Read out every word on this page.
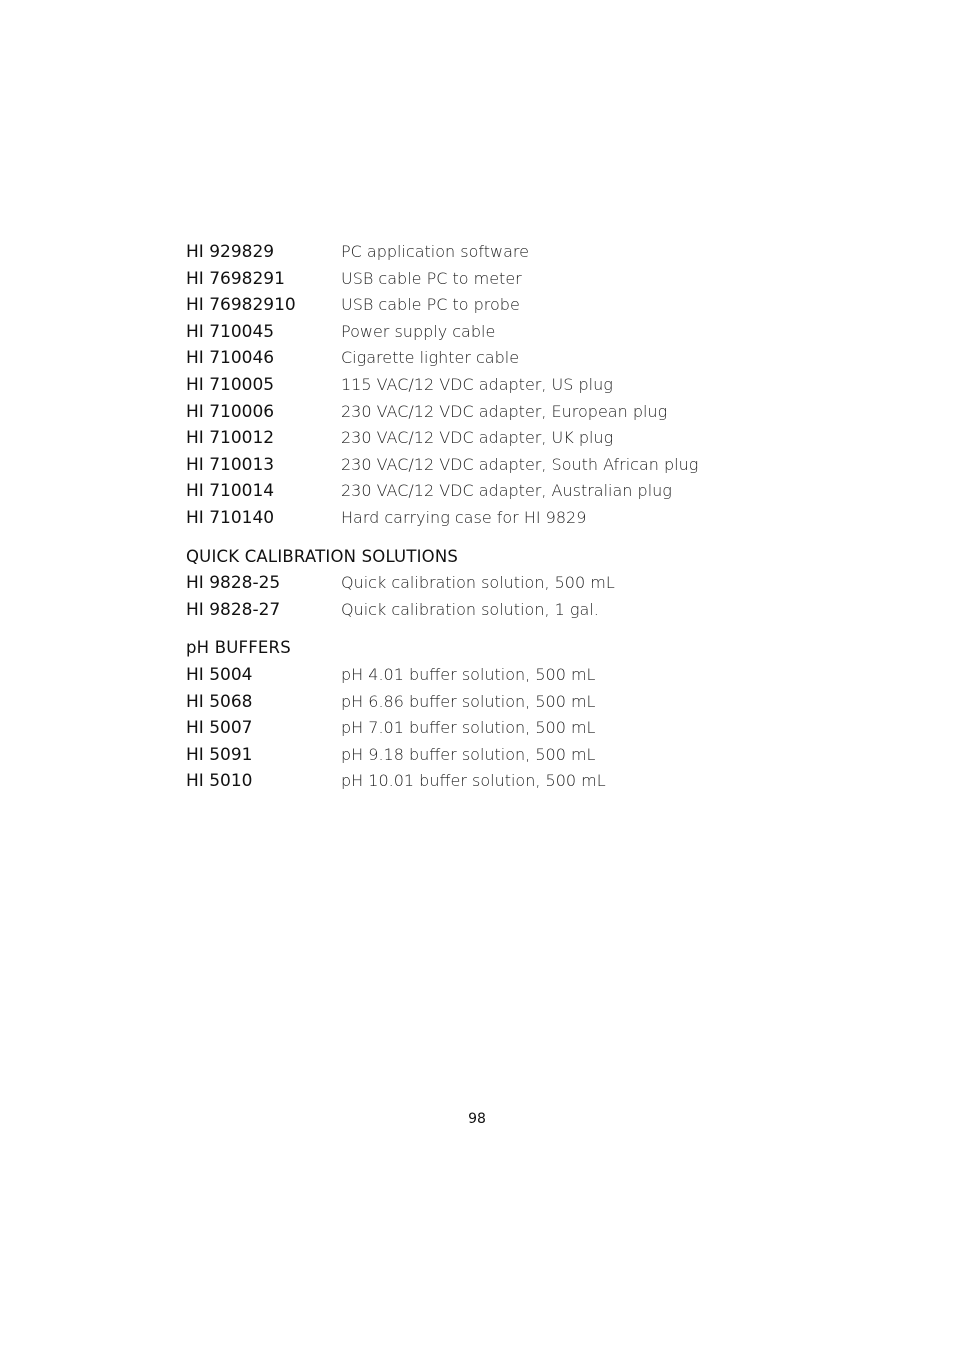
HI 929829	PC application software
HI 7698291	USB cable PC to meter
HI 76982910	USB cable PC to probe
HI 710045	Power supply cable
HI 710046	Cigarette lighter cable
HI 710005	115 VAC/12 VDC adapter, US plug
HI 710006	230 VAC/12 VDC adapter, European plug
HI 710012	230 VAC/12 VDC adapter, UK plug
HI 710013	230 VAC/12 VDC adapter, South African plug
HI 710014	230 VAC/12 VDC adapter, Australian plug
HI 710140	Hard carrying case for HI 9829
QUICK CALIBRATION SOLUTIONS
HI 9828-25	Quick calibration solution, 500 mL
HI 9828-27	Quick calibration solution, 1 gal.
pH BUFFERS
HI 5004	pH 4.01 buffer solution, 500 mL
HI 5068	pH 6.86 buffer solution, 500 mL
HI 5007	pH 7.01 buffer solution, 500 mL
HI 5091	pH 9.18 buffer solution, 500 mL
HI 5010	pH 10.01 buffer solution, 500 mL
98
